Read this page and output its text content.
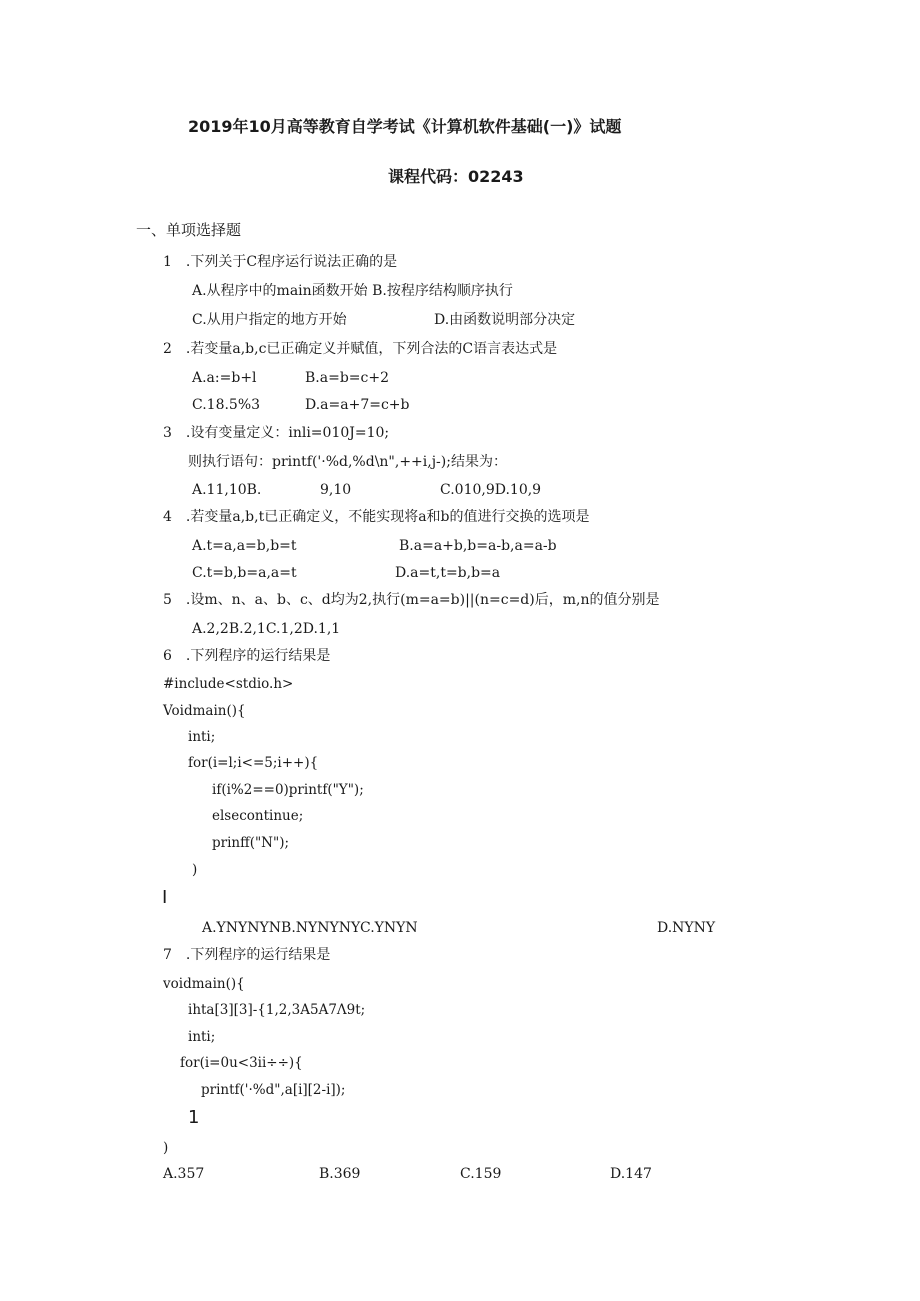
2019年10月高等教育自学考试《计算机软件基础(一)》试题
课程代码：02243
一、单项选择题
1　.下列关于C程序运行说法正确的是
A.从程序中的main函数开始 B.按程序结构顺序执行
C.从用户指定的地方开始	D.由函数说明部分决定
2　.若变量a,b,c已正确定义并赋值，下列合法的C语言表达式是
A.a:=b+l	B.a=b=c+2
C.18.5%3	D.a=a+7=c+b
3　.设有变量定义：inli=010J=10;
则执行语句：printf('·%d,%d\n",++i,j-);结果为：
A.11,10B.	9,10	C.010,9D.10,9
4　.若变量a,b,t已正确定义，不能实现将a和b的值进行交换的选项是
A.t=a,a=b,b=t	B.a=a+b,b=a-b,a=a-b
C.t=b,b=a,a=t	D.a=t,t=b,b=a
5　.设m、n、a、b、c、d均为2,执行(m=a=b)||(n=c=d)后，m,n的值分别是
A.2,2B.2,1C.1,2D.1,1
6　.下列程序的运行结果是
#include<stdio.h>
Voidmain(){
inti;
for(i=l;i<=5;i++){
if(i%2==0)printf("Y");
elsecontinue;
prinff("N");
)
I
A.YNYNYNB.NYNYNYC.YNYN	D.NYNY
7　.下列程序的运行结果是
voidmain(){
ihta[3][3]-{1,2,3A5A7Λ9t;
inti;
for(i=0u<3ii÷÷){
printf('·%d",a[i][2-i]);
1
)
A.357	B.369	C.159	D.147
